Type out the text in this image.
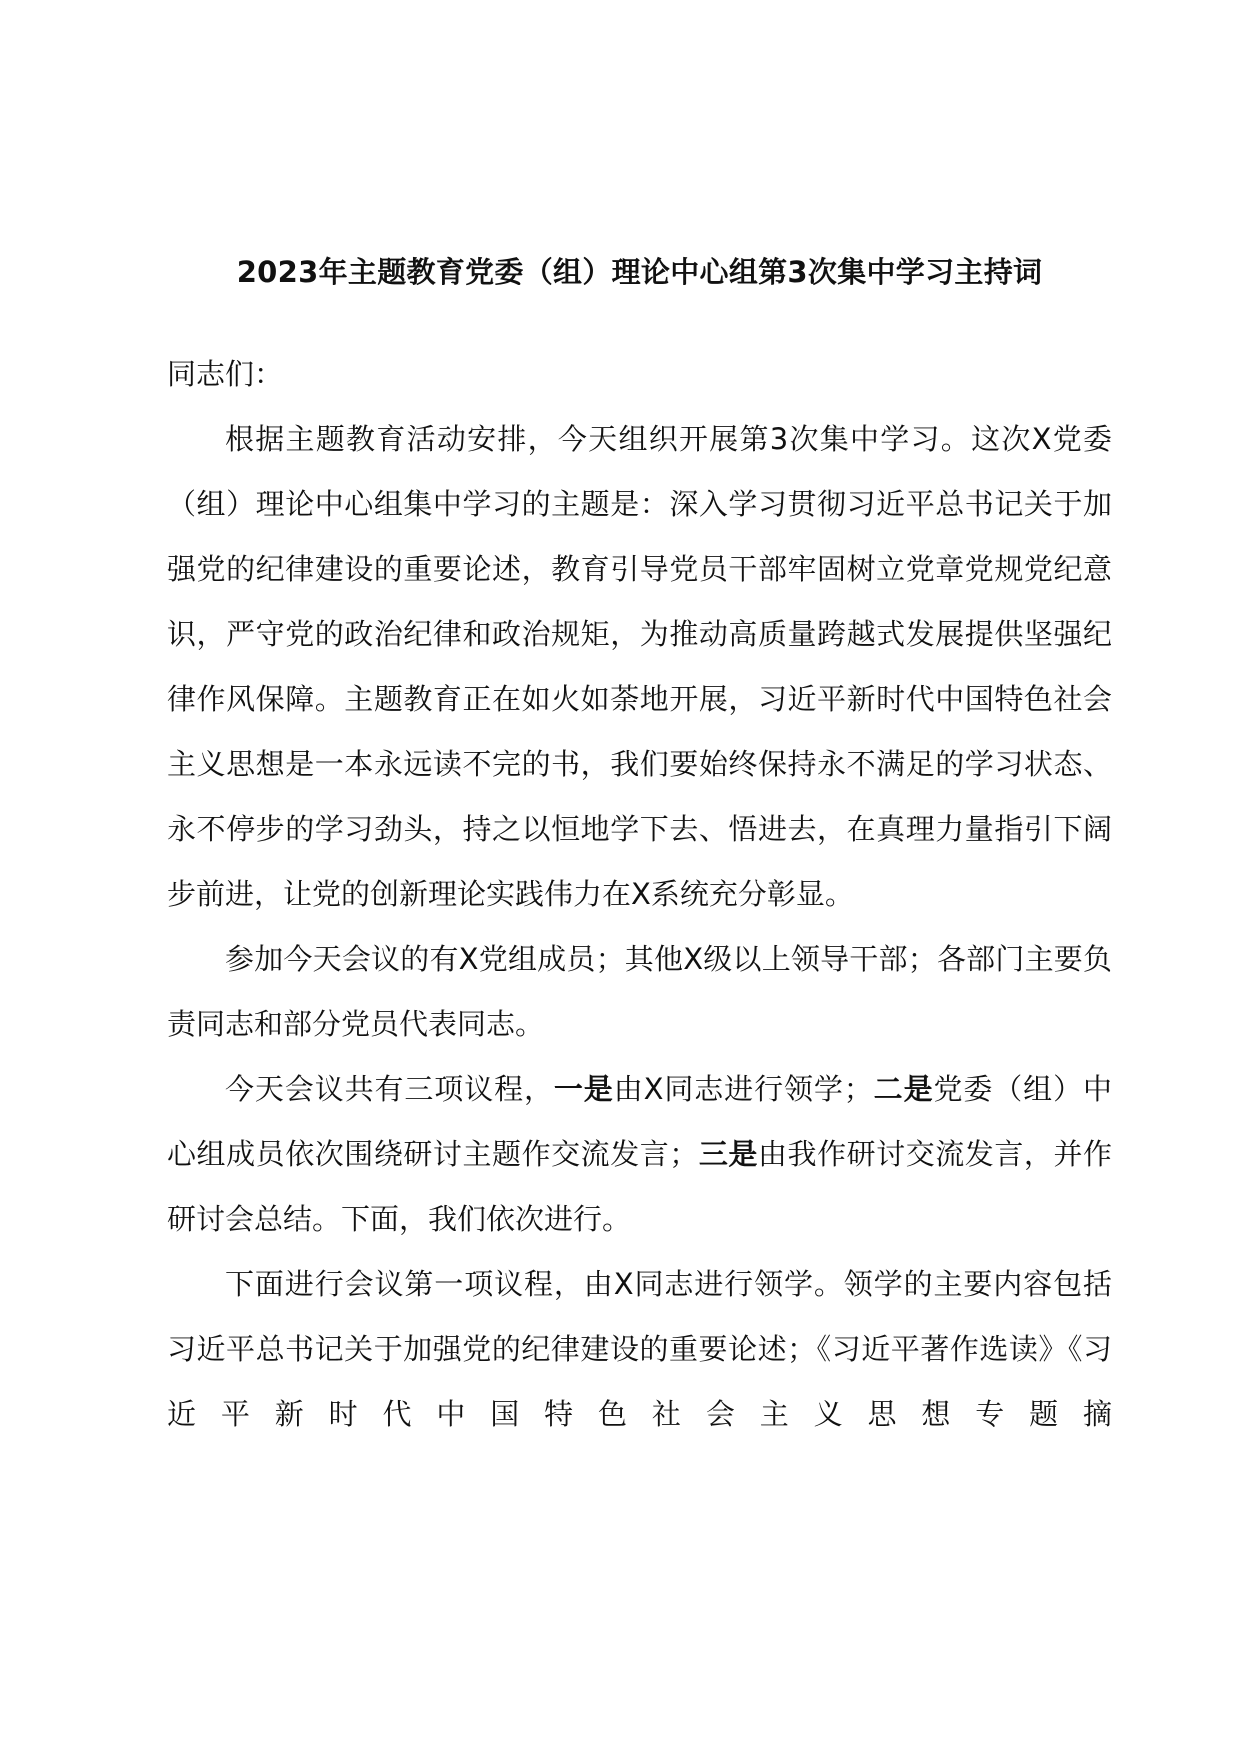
2023年主题教育党委（组）理论中心组第3次集中学习主持词

同志们：

根据主题教育活动安排，今天组织开展第3次集中学习。这次X党委（组）理论中心组集中学习的主题是：深入学习贯彻习近平总书记关于加强党的纪律建设的重要论述，教育引导党员干部牢固树立党章党规党纪意识，严守党的政治纪律和政治规矩，为推动高质量跨越式发展提供坚强纪律作风保障。主题教育正在如火如荼地开展，习近平新时代中国特色社会主义思想是一本永远读不完的书，我们要始终保持永不满足的学习状态、永不停步的学习劲头，持之以恒地学下去、悟进去，在真理力量指引下阔步前进，让党的创新理论实践伟力在X系统充分彰显。

参加今天会议的有X党组成员；其他X级以上领导干部；各部门主要负责同志和部分党员代表同志。

今天会议共有三项议程，一是由X同志进行领学；二是党委（组）中心组成员依次围绕研讨主题作交流发言；三是由我作研讨交流发言，并作研讨会总结。下面，我们依次进行。

下面进行会议第一项议程，由X同志进行领学。领学的主要内容包括习近平总书记关于加强党的纪律建设的重要论述；《习近平著作选读》《习近平新时代中国特色社会主义思想专题摘
